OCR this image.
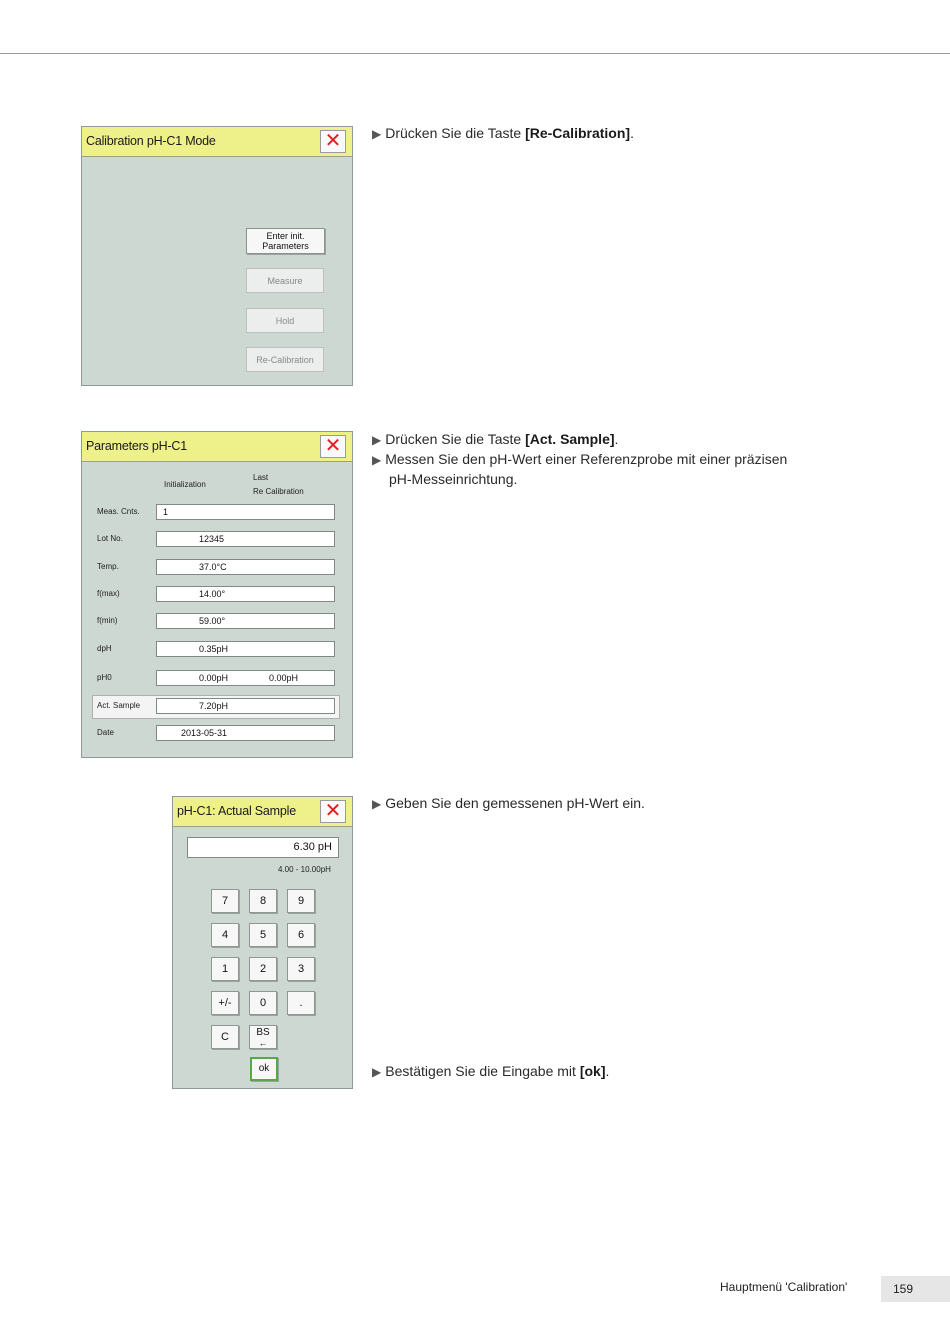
Calibration pH-C1 Mode	✕
Enter init.
Parameters
Measure
Hold
Re-Calibration
Parameters pH-C1	✕
Initialization
Last
Re Calibration
Meas. Cnts.	1
Lot No.	12345
Temp.	37.0°C
f(max)	14.00°
f(min)	59.00°
dpH	0.35pH
pH0	0.00pH	0.00pH
Act. Sample	7.20pH
Date	2013-05-31
pH-C1: Actual Sample ✕
6.30 pH
4.00 - 10.00pH
7	8	9
4	5	6
1	2	3
+/-	0	.
C	BS
←
ok
▶ Drücken Sie die Taste [Re-Calibration].
▶ Drücken Sie die Taste [Act. Sample].
▶ Messen Sie den pH-Wert einer Referenzprobe mit einer präzisen
pH-Messeinrichtung.
▶ Geben Sie den gemessenen pH-Wert ein.
▶ Bestätigen Sie die Eingabe mit [ok].
Hauptmenü 'Calibration'	159
